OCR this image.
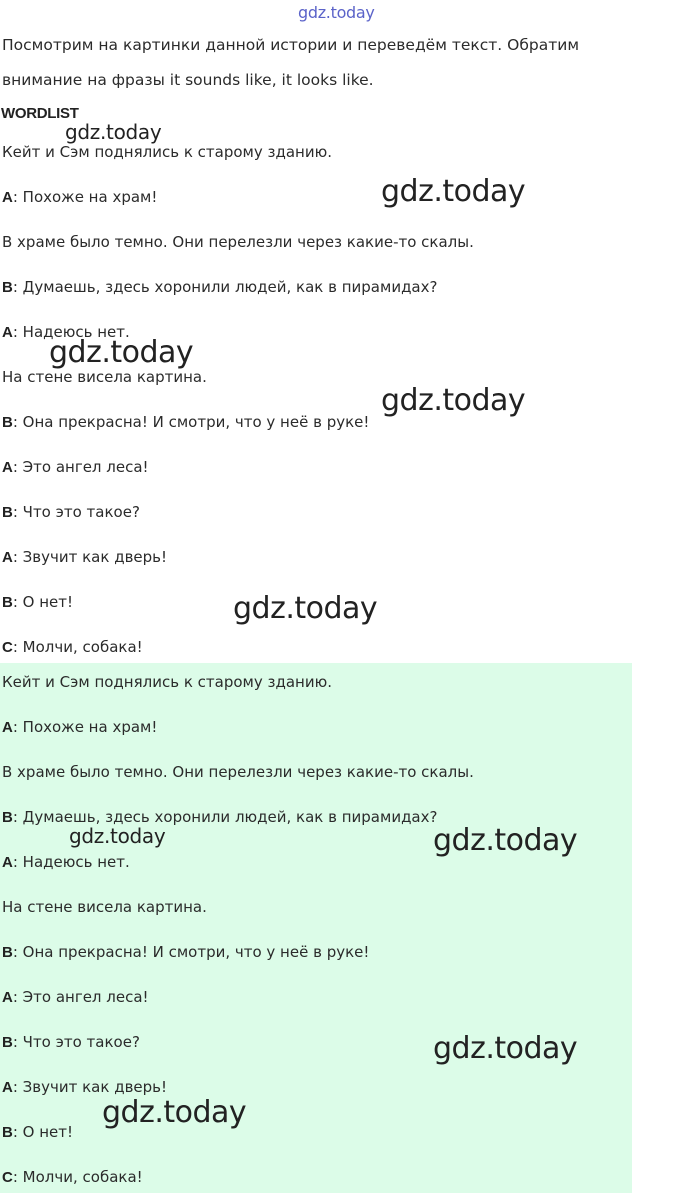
gdz.today
Посмотрим на картинки данной истории и переведём текст. Обратим внимание на фразы it sounds like, it looks like.
WORDLIST
Кейт и Сэм поднялись к старому зданию.
A: Похоже на храм!
В храме было темно. Они перелезли через какие-то скалы.
B: Думаешь, здесь хоронили людей, как в пирамидах?
A: Надеюсь нет.
На стене висела картина.
B: Она прекрасна! И смотри, что у неё в руке!
A: Это ангел леса!
B: Что это такое?
A: Звучит как дверь!
B: О нет!
C: Молчи, собака!
Кейт и Сэм поднялись к старому зданию.
A: Похоже на храм!
В храме было темно. Они перелезли через какие-то скалы.
B: Думаешь, здесь хоронили людей, как в пирамидах?
A: Надеюсь нет.
На стене висела картина.
B: Она прекрасна! И смотри, что у неё в руке!
A: Это ангел леса!
B: Что это такое?
A: Звучит как дверь!
B: О нет!
C: Молчи, собака!
gdz.today
gdz.today
gdz.today
gdz.today
gdz.today
gdz.today	gdz.today
gdz.today
gdz.today
